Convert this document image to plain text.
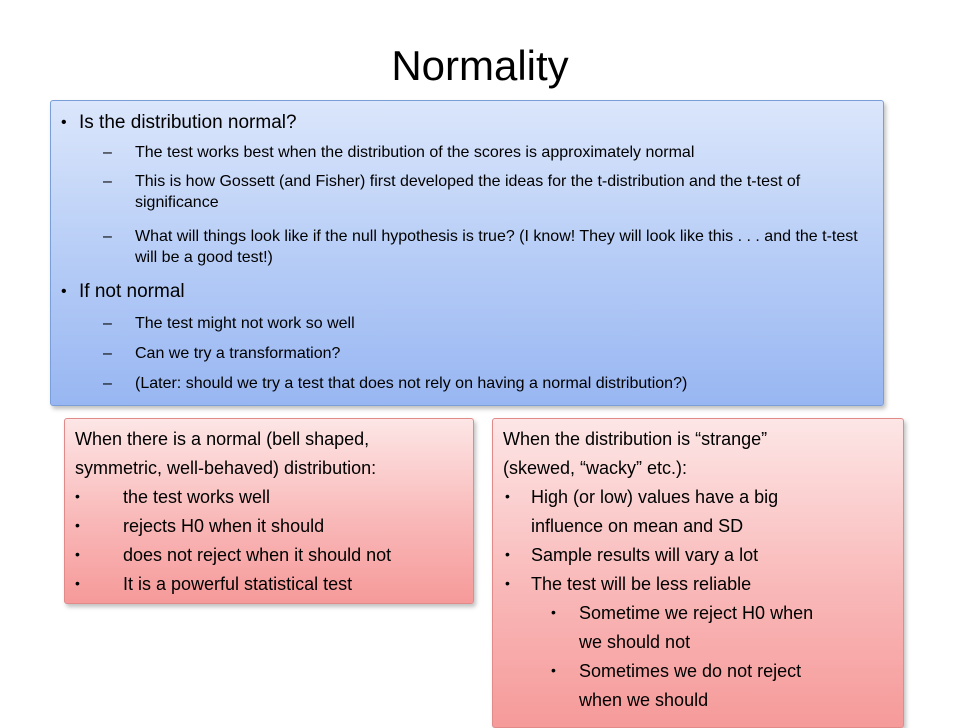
Normality
• Is the distribution normal?
– The test works best when the distribution of the scores is approximately normal
– This is how Gossett (and Fisher) first developed the ideas for the t-distribution and the t-test of significance
– What will things look like if the null hypothesis is true? (I know! They will look like this . . . and the t-test will be a good test!)
• If not normal
– The test might not work so well
– Can we try a transformation?
– (Later: should we try a test that does not rely on having a normal distribution?)
When there is a normal (bell shaped,
symmetric, well-behaved) distribution:
• the test works well
• rejects H0 when it should
• does not reject when it should not
• It is a powerful statistical test
When the distribution is “strange”
(skewed, “wacky” etc.):
• High (or low) values have a big
influence on mean and SD
• Sample results will vary a lot
• The test will be less reliable
• Sometime we reject H0 when
we should not
• Sometimes we do not reject
when we should
